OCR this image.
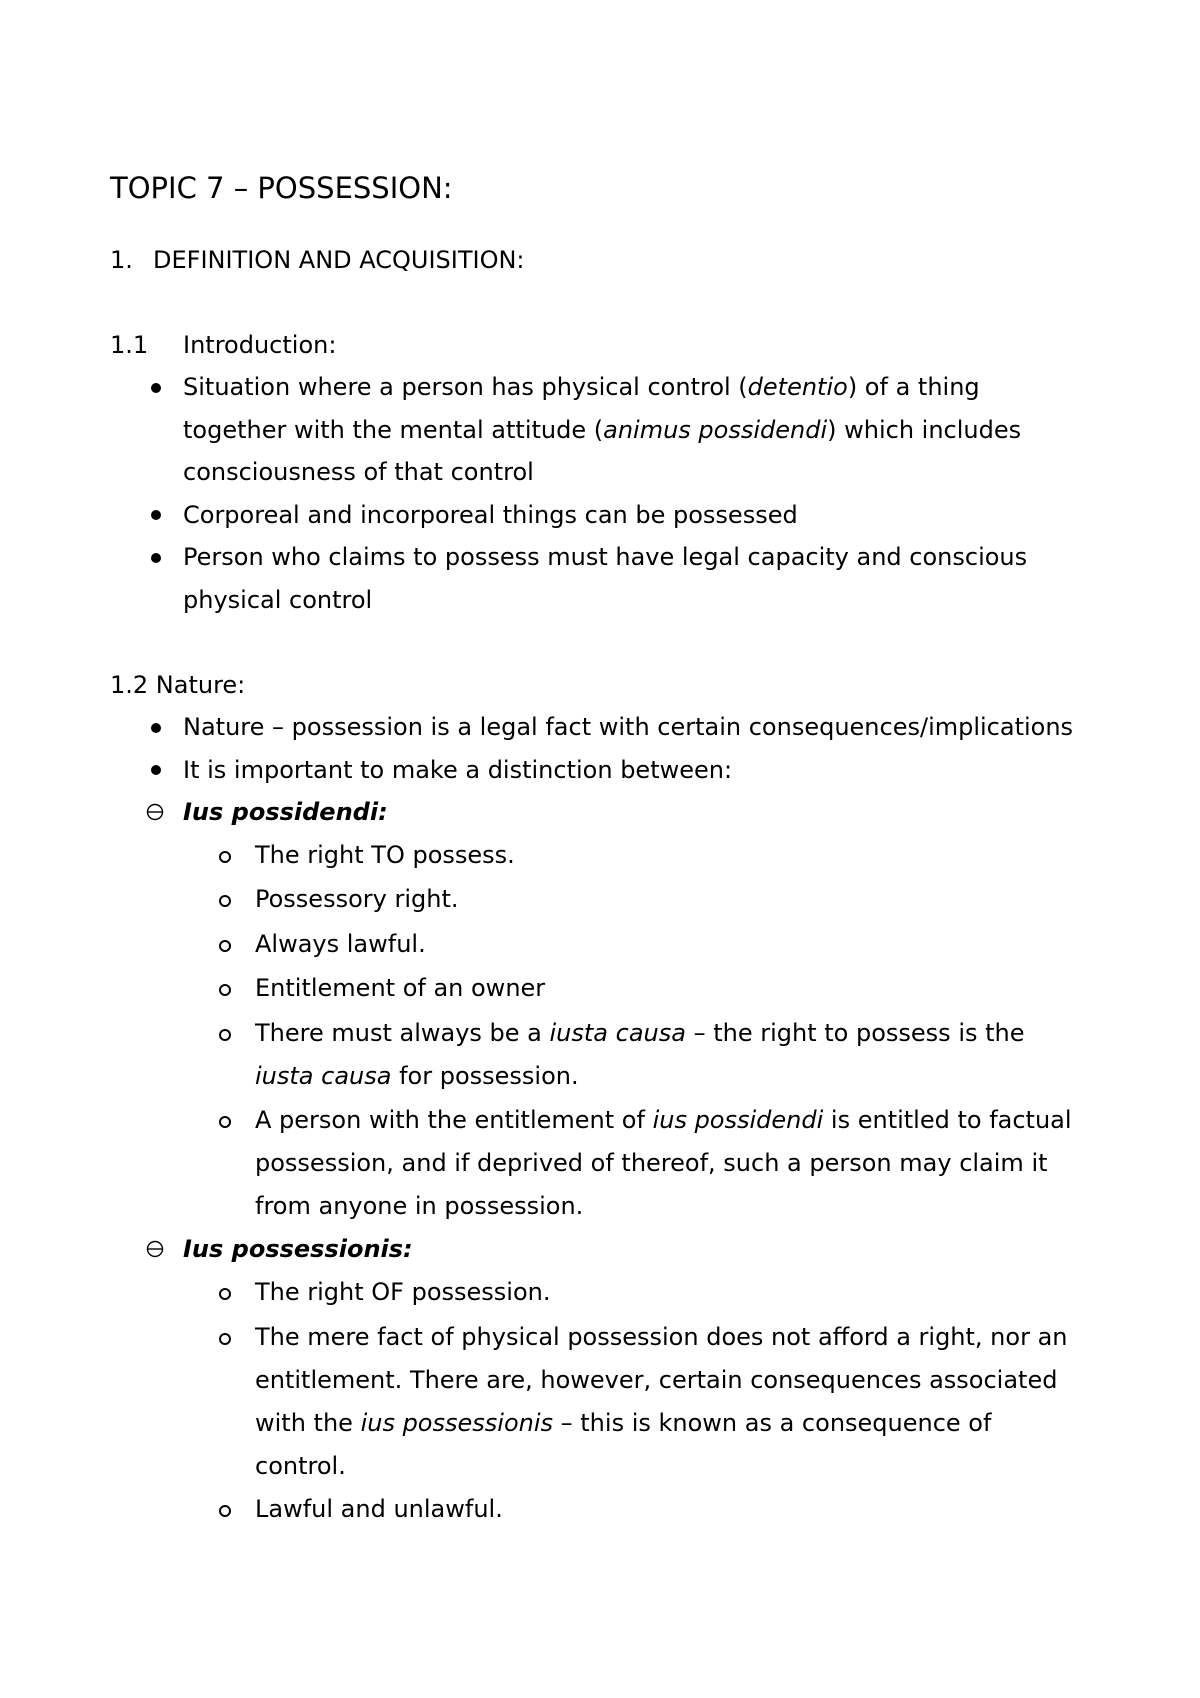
TOPIC 7 – POSSESSION:
1. DEFINITION AND ACQUISITION:
1.1 Introduction:
Situation where a person has physical control (detentio) of a thing
together with the mental attitude (animus possidendi) which includes
consciousness of that control
Corporeal and incorporeal things can be possessed
Person who claims to possess must have legal capacity and conscious
physical control
1.2 Nature:
Nature – possession is a legal fact with certain consequences/implications
It is important to make a distinction between:
Ius possidendi:
The right TO possess.
Possessory right.
Always lawful.
Entitlement of an owner
There must always be a iusta causa – the right to possess is the
iusta causa for possession.
A person with the entitlement of ius possidendi is entitled to factual
possession, and if deprived of thereof, such a person may claim it
from anyone in possession.
Ius possessionis:
The right OF possession.
The mere fact of physical possession does not afford a right, nor an
entitlement. There are, however, certain consequences associated
with the ius possessionis – this is known as a consequence of
control.
Lawful and unlawful.
